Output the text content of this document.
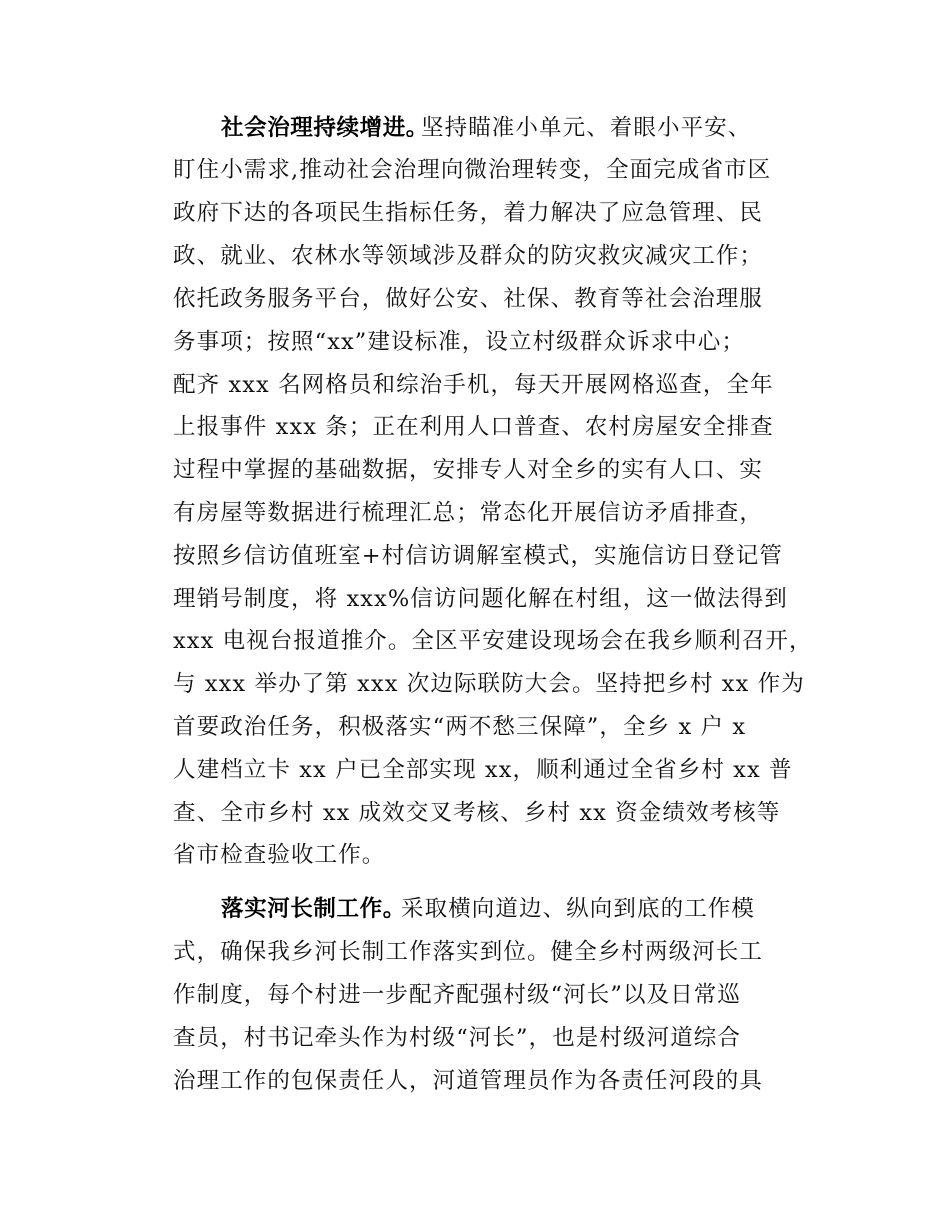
社会治理持续增进。
坚持瞄准小单元、着眼小平安、
盯住小需求,推动社会治理向微治理转变，全面完成省市区
政府下达的各项民生指标任务，着力解决了应急管理、民
政、就业、农林水等领域涉及群众的防灾救灾减灾工作；
依托政务服务平台，做好公安、社保、教育等社会治理服
务事项；按照“xx”建设标准，设立村级群众诉求中心；
配齐 xxx 名网格员和综治手机，每天开展网格巡查，全年
上报事件 xxx 条；正在利用人口普查、农村房屋安全排查
过程中掌握的基础数据，安排专人对全乡的实有人口、实
有房屋等数据进行梳理汇总；常态化开展信访矛盾排查，
按照乡信访值班室+村信访调解室模式，实施信访日登记管
理销号制度，将 xxx%信访问题化解在村组，这一做法得到
xxx 电视台报道推介。全区平安建设现场会在我乡顺利召开，
与 xxx 举办了第 xxx 次边际联防大会。坚持把乡村 xx 作为
首要政治任务，积极落实“两不愁三保障”，全乡 x 户 x
人建档立卡 xx 户已全部实现 xx，顺利通过全省乡村 xx 普
查、全市乡村 xx 成效交叉考核、乡村 xx 资金绩效考核等
省市检查验收工作。
落实河长制工作。
采取横向道边、纵向到底的工作模
式，确保我乡河长制工作落实到位。健全乡村两级河长工
作制度，每个村进一步配齐配强村级“河长”以及日常巡
查员，村书记牵头作为村级“河长”，也是村级河道综合
治理工作的包保责任人，河道管理员作为各责任河段的具
